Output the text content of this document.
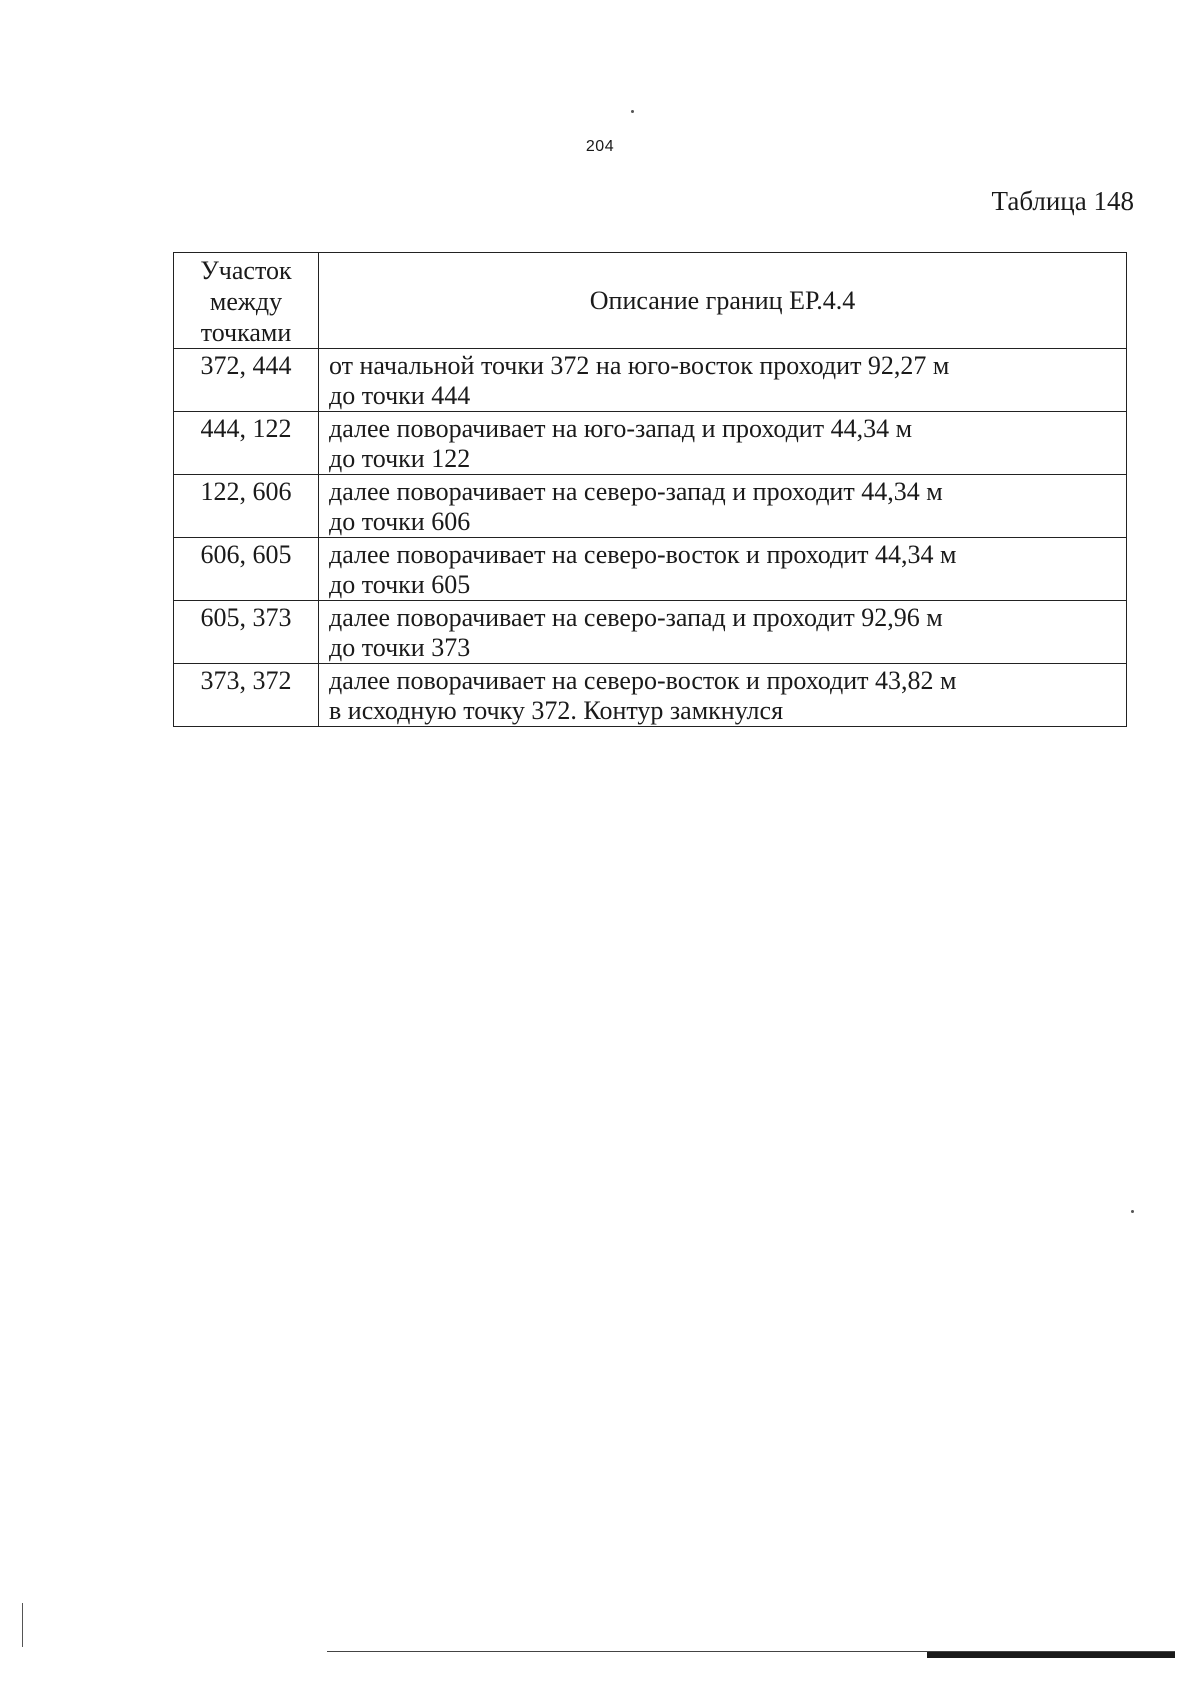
204
Таблица 148
Участок
между
точками	Описание границ ЕР.4.4
372, 444	от начальной точки 372 на юго-восток проходит 92,27 м
до точки 444

444, 122	далее поворачивает на юго-запад и проходит 44,34 м
до точки 122

122, 606	далее поворачивает на северо-запад и проходит 44,34 м
до точки 606

606, 605	далее поворачивает на северо-восток и проходит 44,34 м
до точки 605

605, 373	далее поворачивает на северо-запад и проходит 92,96 м
до точки 373

373, 372	далее поворачивает на северо-восток и проходит 43,82 м
в исходную точку 372. Контур замкнулся
